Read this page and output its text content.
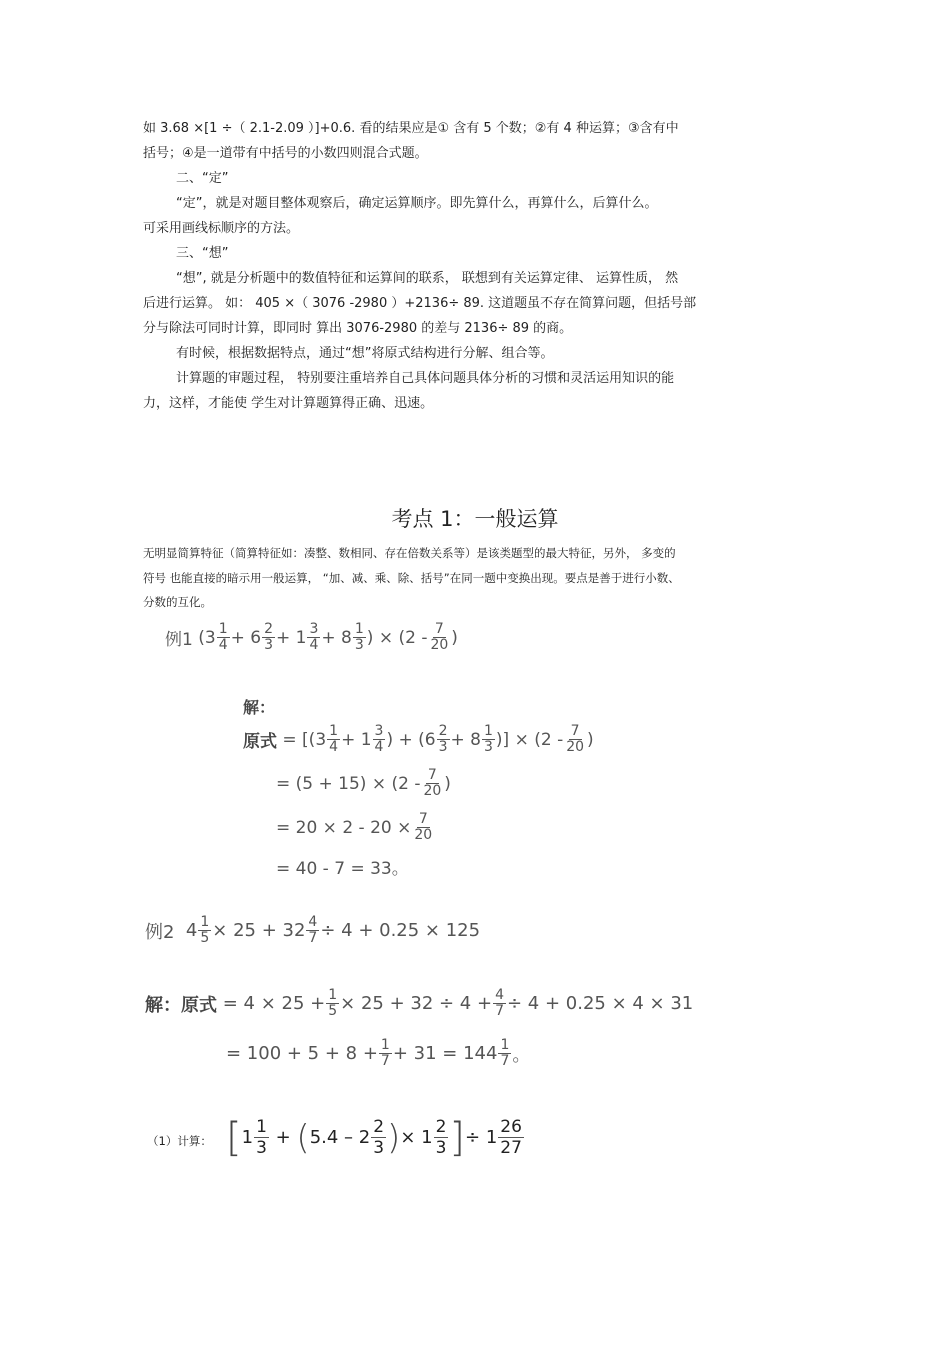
如 3.68 ×[1 ÷（ 2.1-2.09 ）]+0.6. 看的结果应是① 含有 5 个数；②有 4 种运算；③含有中
括号；④是一道带有中括号的小数四则混合式题。
二、“定”
“定”，就是对题目整体观察后，确定运算顺序。即先算什么，再算什么，后算什么。
可采用画线标顺序的方法。
三、“想”
“想”, 就是分析题中的数值特征和运算间的联系， 联想到有关运算定律、 运算性质， 然
后进行运算。 如： 405 ×（ 3076 -2980 ）+2136÷ 89. 这道题虽不存在简算问题，但括号部
分与除法可同时计算，即同时 算出 3076-2980 的差与 2136÷ 89 的商。
有时候，根据数据特点，通过“想”将原式结构进行分解、组合等。
计算题的审题过程， 特别要注重培养自己具体问题具体分析的习惯和灵活运用知识的能
力，这样，才能使 学生对计算题算得正确、迅速。
考点 1：一般运算
无明显简算特征（简算特征如：凑整、数相同、存在倍数关系等）是该类题型的最大特征，另外， 多变的
符号 也能直接的暗示用一般运算， “加、减、乘、除、括号”在同一题中变换出现。要点是善于进行小数、
分数的互化。
例1 ($3 \frac{1}{4} + 6 \frac{2}{3} + 1 \frac{3}{4} + 8 \frac{1}{3}$ ) × ($2 - \frac{7}{20}$ )
解：
原式 = [($3 \frac{1}{4} + 1 \frac{3}{4}$ ) + ($6 \frac{2}{3} + 8 \frac{1}{3}$ )] × ($2 - \frac{7}{20}$ )
= $(5 + 15) \times (2 - \frac{7}{20}$ )
= $20 \times 2 - 20 \times \frac{7}{20}$
= 40 - 7 = 33。
例2 $4 \frac{1}{5} \times 25 + 32 \frac{4}{7} \div 4 + 0.25 \times 125$
解：原式 = $4 \times 25 + \frac{1}{5} \times 25 + 32 \div 4 + \frac{4}{7} \div 4 + 0.25 \times 4 \times 31$
= $100 + 5 + 8 + \frac{1}{7} + 31 = 144 \frac{1}{7}$ 。
（1）计算： [ $1 \frac{1}{3}$ + ( $5.4 - 2 \frac{2}{3}$ ) × $1 \frac{2}{3}$ ] ÷ $1 \frac{26}{27}$
